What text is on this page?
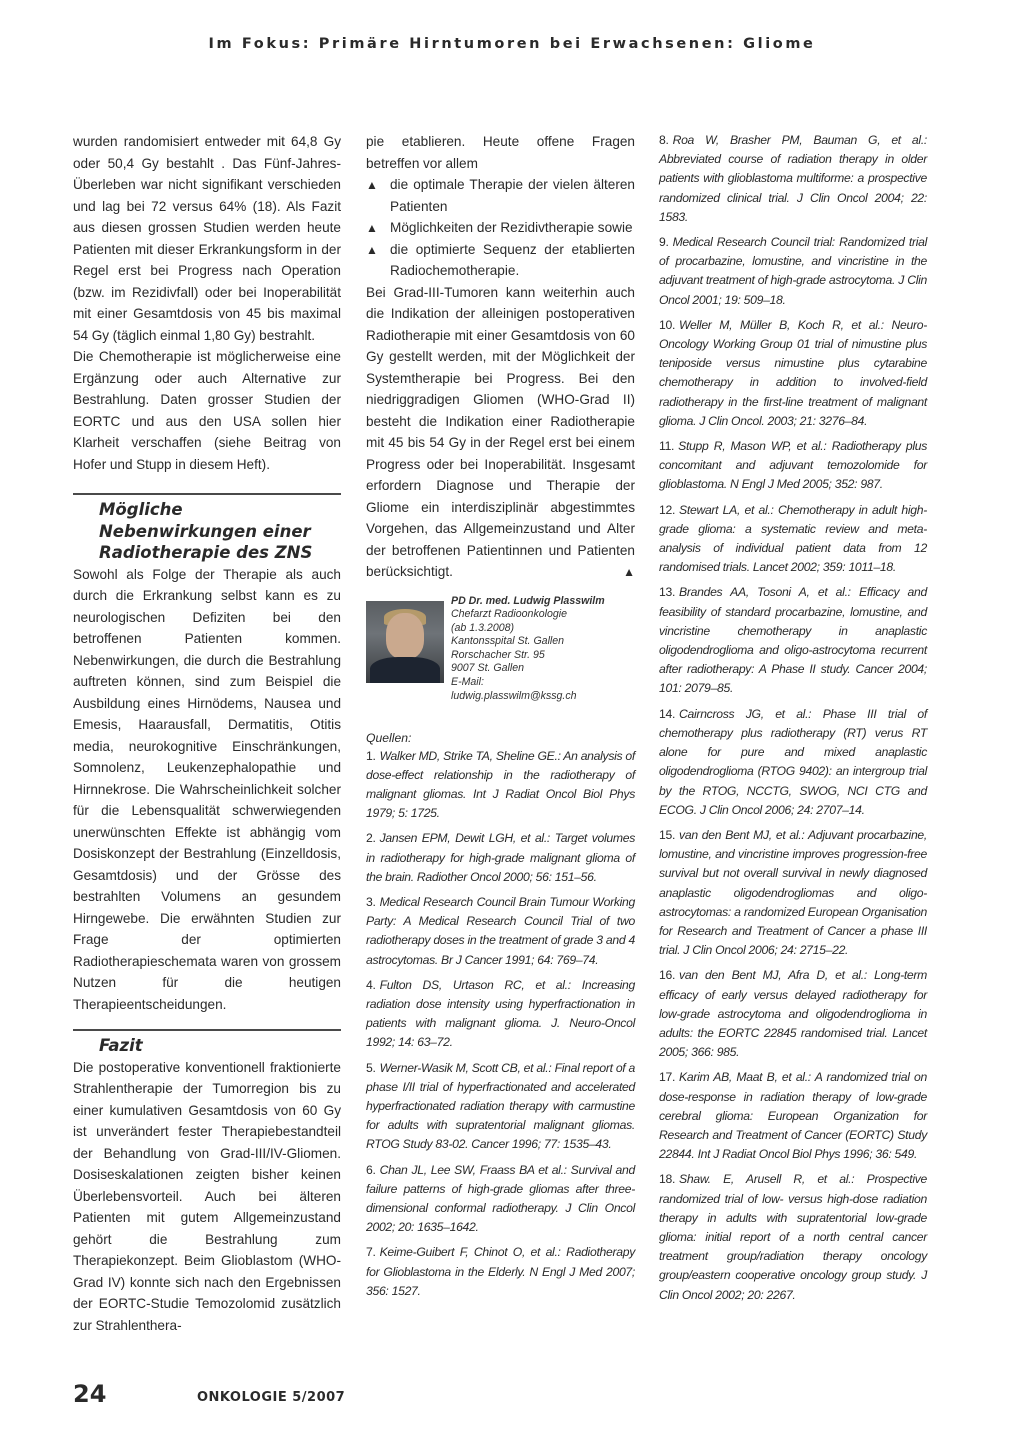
Im Fokus: Primäre Hirntumoren bei Erwachsenen: Gliome

wurden randomisiert entweder mit 64,8 Gy oder 50,4 Gy bestahlt . Das Fünf-Jahres-Überleben war nicht signifikant verschieden und lag bei 72 versus 64% (18). Als Fazit aus diesen grossen Studien werden heute Patienten mit dieser Erkrankungsform in der Regel erst bei Progress nach Operation (bzw. im Rezidivfall) oder bei Inoperabilität mit einer Gesamtdosis von 45 bis maximal 54 Gy (täglich einmal 1,80 Gy) bestrahlt.

Die Chemotherapie ist möglicherweise eine Ergänzung oder auch Alternative zur Bestrahlung. Daten grosser Studien der EORTC und aus den USA sollen hier Klarheit verschaffen (siehe Beitrag von Hofer und Stupp in diesem Heft).

Mögliche Nebenwirkungen einer Radiotherapie des ZNS

Sowohl als Folge der Therapie als auch durch die Erkrankung selbst kann es zu neurologischen Defiziten bei den betroffenen Patienten kommen. Nebenwirkungen, die durch die Bestrahlung auftreten können, sind zum Beispiel die Ausbildung eines Hirnödems, Nausea und Emesis, Haarausfall, Dermatitis, Otitis media, neurokognitive Einschränkungen, Somnolenz, Leukenzephalopathie und Hirnnekrose. Die Wahrscheinlichkeit solcher für die Lebensqualität schwerwiegenden unerwünschten Effekte ist abhängig vom Dosiskonzept der Bestrahlung (Einzelldosis, Gesamtdosis) und der Grösse des bestrahlten Volumens an gesundem Hirngewebe. Die erwähnten Studien zur Frage der optimierten Radiotherapieschemata waren von grossem Nutzen für die heutigen Therapieentscheidungen.

Fazit

Die postoperative konventionell fraktionierte Strahlentherapie der Tumorregion bis zu einer kumulativen Gesamtdosis von 60 Gy ist unverändert fester Therapiebestandteil der Behandlung von Grad-III/IV-Gliomen. Dosiseskalationen zeigten bisher keinen Überlebensvorteil. Auch bei älteren Patienten mit gutem Allgemeinzustand gehört die Bestrahlung zum Therapiekonzept. Beim Glioblastom (WHO-Grad IV) konnte sich nach den Ergebnissen der EORTC-Studie Temozolomid zusätzlich zur Strahlenthera-

pie etablieren. Heute offene Fragen betreffen vor allem

▲ die optimale Therapie der vielen älteren Patienten
▲ Möglichkeiten der Rezidivtherapie sowie
▲ die optimierte Sequenz der etablierten Radiochemotherapie.

Bei Grad-III-Tumoren kann weiterhin auch die Indikation der alleinigen postoperativen Radiotherapie mit einer Gesamtdosis von 60 Gy gestellt werden, mit der Möglichkeit der Systemtherapie bei Progress. Bei den niedriggradigen Gliomen (WHO-Grad II) besteht die Indikation einer Radiotherapie mit 45 bis 54 Gy in der Regel erst bei einem Progress oder bei Inoperabilität. Insgesamt erfordern Diagnose und Therapie der Gliome ein interdisziplinär abgestimmtes Vorgehen, das Allgemeinzustand und Alter der betroffenen Patientinnen und Patienten berücksichtigt.	▲

PD Dr. med. Ludwig Plasswilm
Chefarzt Radioonkologie
(ab 1.3.2008)
Kantonsspital St. Gallen
Rorschacher Str. 95
9007 St. Gallen
E-Mail:
ludwig.plasswilm@kssg.ch
Quellen:

1. Walker MD, Strike TA, Sheline GE.: An analysis of dose-effect relationship in the radiotherapy of malignant gliomas. Int J Radiat Oncol Biol Phys 1979; 5: 1725.

2. Jansen EPM, Dewit LGH, et al.: Target volumes in radiotherapy for high-grade malignant glioma of the brain. Radiother Oncol 2000; 56: 151–56.

3. Medical Research Council Brain Tumour Working Party: A Medical Research Council Trial of two radiotherapy doses in the treatment of grade 3 and 4 astrocytomas. Br J Cancer 1991; 64: 769–74.

4. Fulton DS, Urtason RC, et al.: Increasing radiation dose intensity using hyperfractionation in patients with malignant glioma. J. Neuro-Oncol 1992; 14: 63–72.

5. Werner-Wasik M, Scott CB, et al.: Final report of a phase I/II trial of hyperfractionated and accelerated hyperfractionated radiation therapy with carmustine for adults with supratentorial malignant gliomas. RTOG Study 83-02. Cancer 1996; 77: 1535–43.

6. Chan JL, Lee SW, Fraass BA et al.: Survival and failure patterns of high-grade gliomas after three-dimensional conformal radiotherapy. J Clin Oncol 2002; 20: 1635–1642.

7. Keime-Guibert F, Chinot O, et al.: Radiotherapy for Glioblastoma in the Elderly. N Engl J Med 2007; 356: 1527.

8. Roa W, Brasher PM, Bauman G, et al.: Abbreviated course of radiation therapy in older patients with glioblastoma multiforme: a prospective randomized clinical trial. J Clin Oncol 2004; 22: 1583.

9. Medical Research Council trial: Randomized trial of procarbazine, lomustine, and vincristine in the adjuvant treatment of high-grade astrocytoma. J Clin Oncol 2001; 19: 509–18.

10. Weller M, Müller B, Koch R, et al.: Neuro-Oncology Working Group 01 trial of nimustine plus teniposide versus nimustine plus cytarabine chemotherapy in addition to involved-field radiotherapy in the first-line treatment of malignant glioma. J Clin Oncol. 2003; 21: 3276–84.

11. Stupp R, Mason WP, et al.: Radiotherapy plus concomitant and adjuvant temozolomide for glioblastoma. N Engl J Med 2005; 352: 987.

12. Stewart LA, et al.: Chemotherapy in adult high-grade glioma: a systematic review and meta-analysis of individual patient data from 12 randomised trials. Lancet 2002; 359: 1011–18.

13. Brandes AA, Tosoni A, et al.: Efficacy and feasibility of standard procarbazine, lomustine, and vincristine chemotherapy in anaplastic oligodendroglioma and oligo-astrocytoma recurrent after radiotherapy: A Phase II study. Cancer 2004; 101: 2079–85.

14. Cairncross JG, et al.: Phase III trial of chemotherapy plus radiotherapy (RT) verus RT alone for pure and mixed anaplastic oligodendroglioma (RTOG 9402): an intergroup trial by the RTOG, NCCTG, SWOG, NCI CTG and ECOG. J Clin Oncol 2006; 24: 2707–14.

15. van den Bent MJ, et al.: Adjuvant procarbazine, lomustine, and vincristine improves progression-free survival but not overall survival in newly diagnosed anaplastic oligodendrogliomas and oligo-astrocytomas: a randomized European Organisation for Research and Treatment of Cancer a phase III trial. J Clin Oncol 2006; 24: 2715–22.

16. van den Bent MJ, Afra D, et al.: Long-term efficacy of early versus delayed radiotherapy for low-grade astrocytoma and oligodendroglioma in adults: the EORTC 22845 randomised trial. Lancet 2005; 366: 985.

17. Karim AB, Maat B, et al.: A randomized trial on dose-response in radiation therapy of low-grade cerebral glioma: European Organization for Research and Treatment of Cancer (EORTC) Study 22844. Int J Radiat Oncol Biol Phys 1996; 36: 549.

18. Shaw. E, Arusell R, et al.: Prospective randomized trial of low- versus high-dose radiation therapy in adults with supratentorial low-grade glioma: initial report of a north central cancer treatment group/radiation therapy oncology group/eastern cooperative oncology group study. J Clin Oncol 2002; 20: 2267.

24	ONKOLOGIE 5/2007
